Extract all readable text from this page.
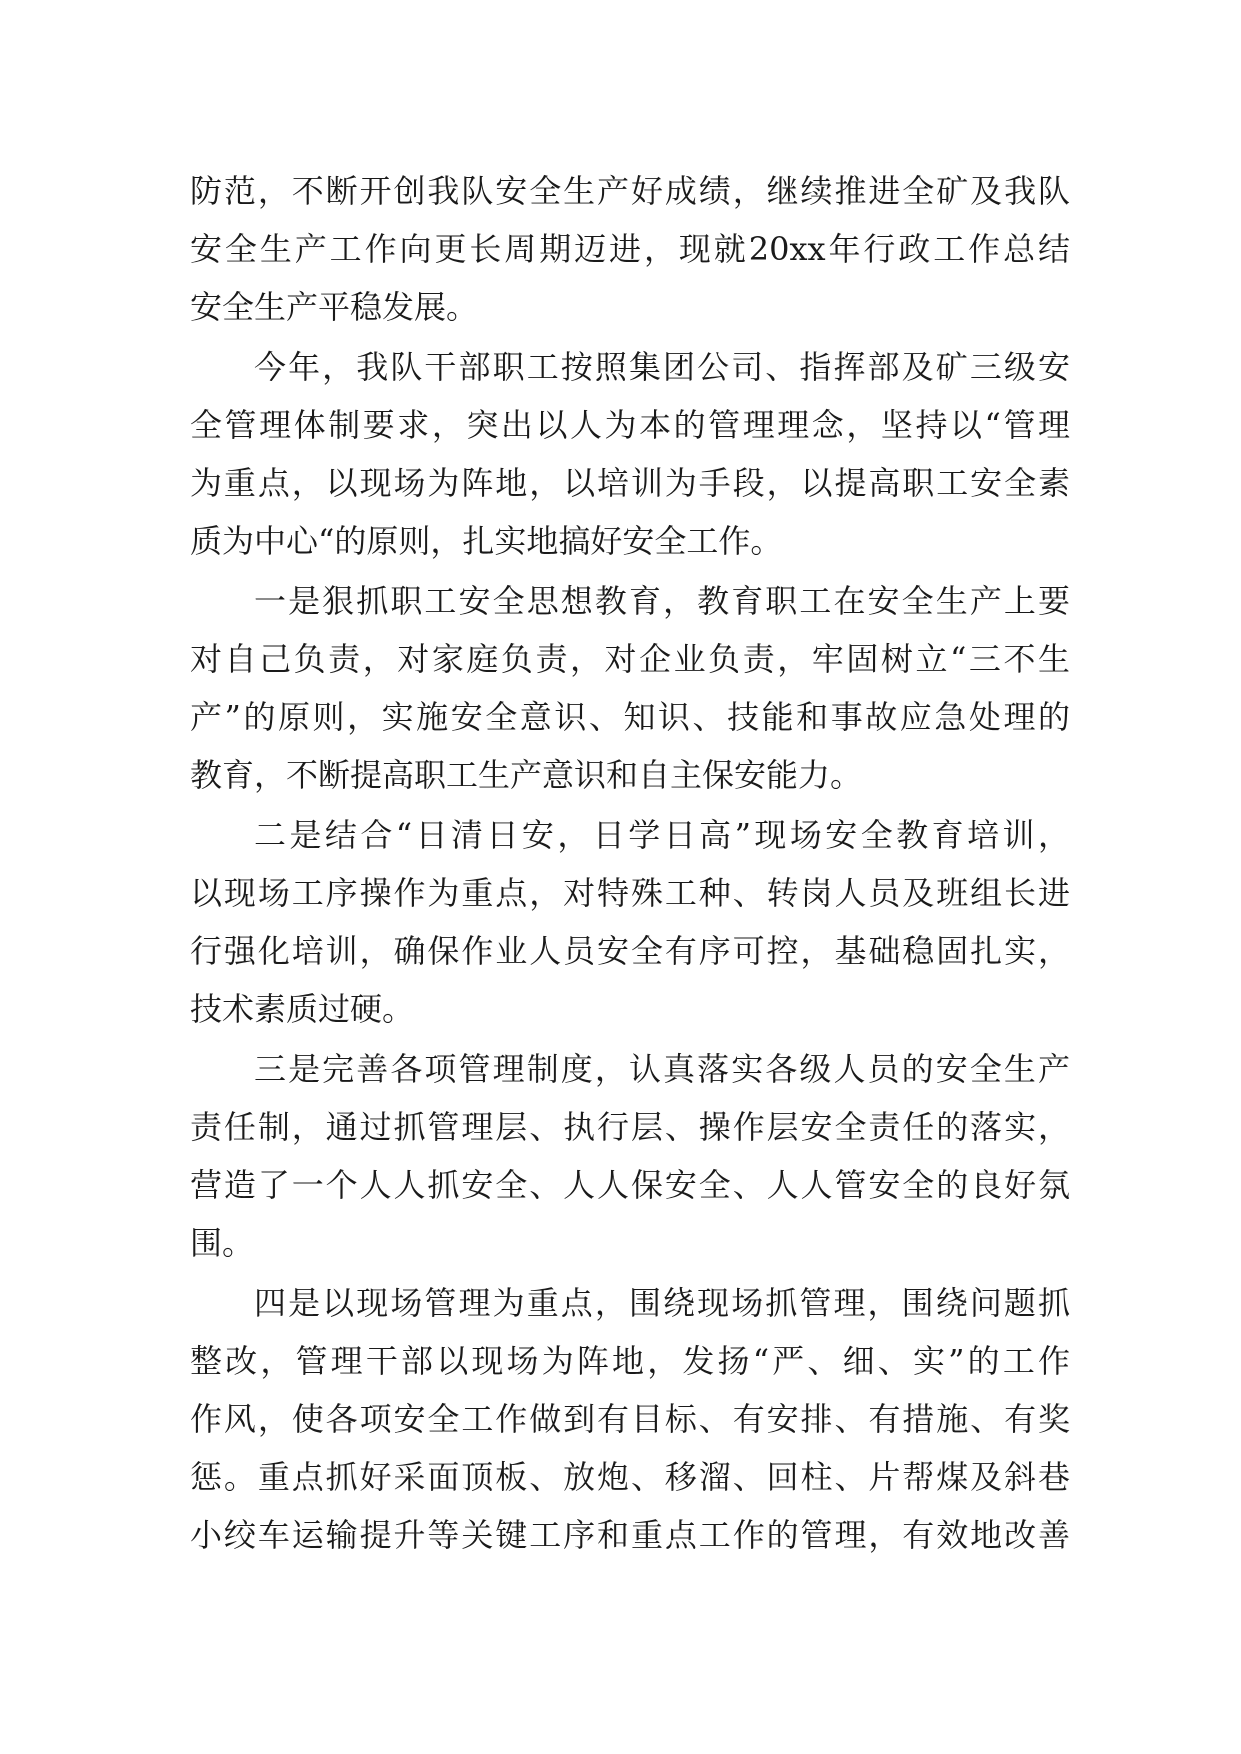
防范，不断开创我队安全生产好成绩，继续推进全矿及我队
安全生产工作向更长周期迈进，现就20xx年行政工作总结
安全生产平稳发展。
今年，我队干部职工按照集团公司、指挥部及矿三级安
全管理体制要求，突出以人为本的管理理念，坚持以“管理
为重点，以现场为阵地，以培训为手段，以提高职工安全素
质为中心“的原则，扎实地搞好安全工作。
一是狠抓职工安全思想教育，教育职工在安全生产上要
对自己负责，对家庭负责，对企业负责，牢固树立“三不生
产”的原则，实施安全意识、知识、技能和事故应急处理的
教育，不断提高职工生产意识和自主保安能力。
二是结合“日清日安，日学日高”现场安全教育培训，
以现场工序操作为重点，对特殊工种、转岗人员及班组长进
行强化培训，确保作业人员安全有序可控，基础稳固扎实，
技术素质过硬。
三是完善各项管理制度，认真落实各级人员的安全生产
责任制，通过抓管理层、执行层、操作层安全责任的落实，
营造了一个人人抓安全、人人保安全、人人管安全的良好氛
围。
四是以现场管理为重点，围绕现场抓管理，围绕问题抓
整改，管理干部以现场为阵地，发扬“严、细、实”的工作
作风，使各项安全工作做到有目标、有安排、有措施、有奖
惩。重点抓好采面顶板、放炮、移溜、回柱、片帮煤及斜巷
小绞车运输提升等关键工序和重点工作的管理，有效地改善
